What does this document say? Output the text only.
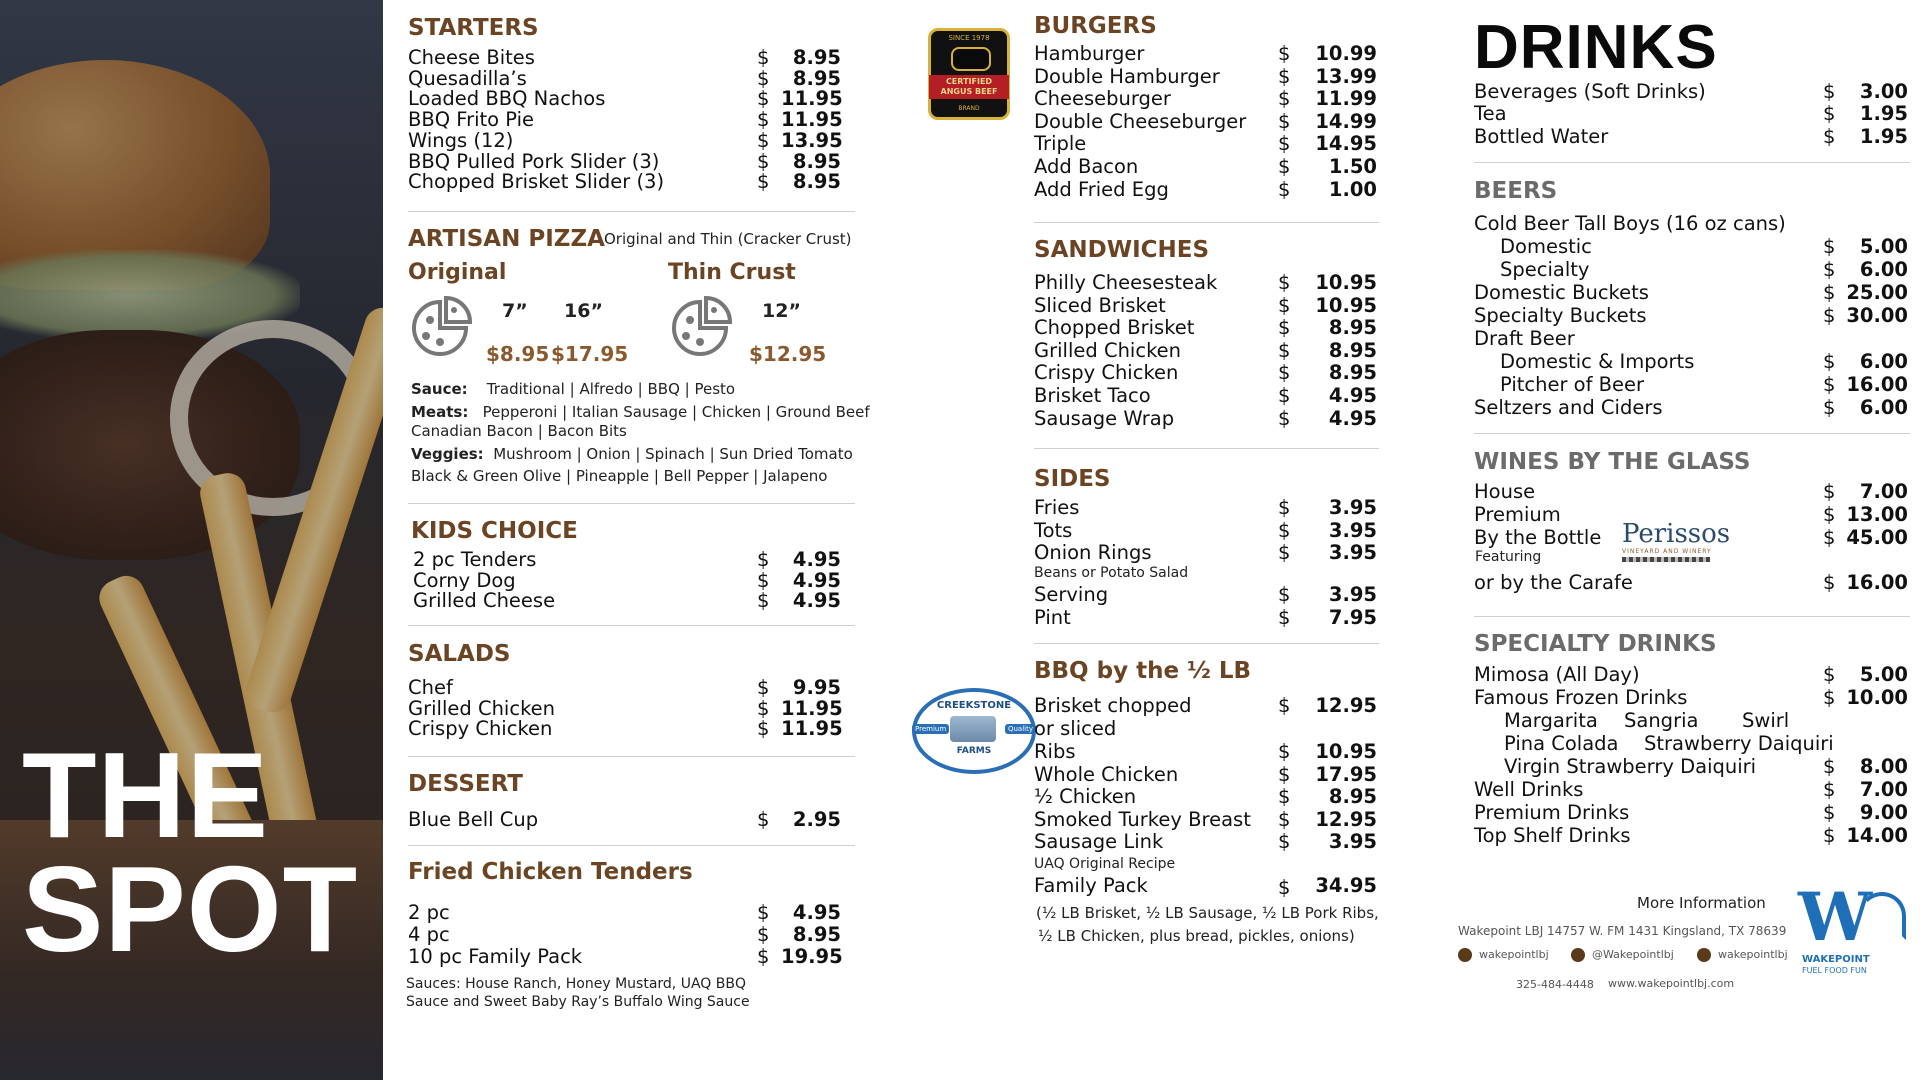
THE
SPOT
STARTERS
Cheese Bites	$	8.95
Quesadilla’s	$	8.95
Loaded BBQ Nachos	$ 11.95
BBQ Frito Pie	$ 11.95
Wings (12)	$ 13.95
BBQ Pulled Pork Slider (3)	$	8.95
Chopped Brisket Slider (3)	$	8.95
ARTISAN PIZZA Original and Thin (Cracker Crust)
Original	Thin Crust
7” 16”	12”
$8.95 $17.95	$12.95
Sauce: Traditional | Alfredo | BBQ | Pesto
Meats: Pepperoni | Italian Sausage | Chicken | Ground Beef
Canadian Bacon | Bacon Bits
Veggies: Mushroom | Onion | Spinach | Sun Dried Tomato
Black & Green Olive | Pineapple | Bell Pepper | Jalapeno
KIDS CHOICE
2 pc Tenders	$	4.95
Corny Dog	$	4.95
Grilled Cheese	$	4.95
SALADS
Chef	$	9.95
Grilled Chicken	$ 11.95
Crispy Chicken	$ 11.95
DESSERT
Blue Bell Cup	$	2.95
Fried Chicken Tenders
2 pc	$	4.95
4 pc	$	8.95
10 pc Family Pack	$ 19.95
Sauces: House Ranch, Honey Mustard, UAQ BBQ
Sauce and Sweet Baby Ray’s Buffalo Wing Sauce
SINCE 1978
CERTIFIED ANGUS BEEF
BRAND
BURGERS
Hamburger	$ 10.99
Double Hamburger	$ 13.99
Cheeseburger	$ 11.99
Double Cheeseburger $ 14.99
Triple	$ 14.95
Add Bacon	$	1.50
Add Fried Egg	$	1.00
SANDWICHES
Philly Cheesesteak	$ 10.95
Sliced Brisket	$ 10.95
Chopped Brisket	$	8.95
Grilled Chicken	$	8.95
Crispy Chicken	$	8.95
Brisket Taco	$	4.95
Sausage Wrap	$	4.95
SIDES
Fries	$	3.95
Tots	$	3.95
Onion Rings	$	3.95
Beans or Potato Salad
Serving	$	3.95
Pint	$	7.95
CREEKSTONE
Premium	Quality
FARMS
BBQ by the ½ LB
Brisket chopped	$ 12.95
or sliced
Ribs	$ 10.95
Whole Chicken	$ 17.95
½ Chicken	$	8.95
Smoked Turkey Breast $ 12.95
Sausage Link	$	3.95
UAQ Original Recipe
Family Pack	$ 34.95
(½ LB Brisket, ½ LB Sausage, ½ LB Pork Ribs,
½ LB Chicken, plus bread, pickles, onions)
DRINKS
Beverages (Soft Drinks)	$	3.00
Tea	$	1.95
Bottled Water	$	1.95
BEERS
Cold Beer Tall Boys (16 oz cans)
Domestic	$	5.00
Specialty	$	6.00
Domestic Buckets	$ 25.00
Specialty Buckets	$ 30.00
Draft Beer
Domestic & Imports	$	6.00
Pitcher of Beer	$ 16.00
Seltzers and Ciders	$	6.00
WINES BY THE GLASS
House	$	7.00
Premium	$ 13.00
By the Bottle	$ 45.00
or by the Carafe	$ 16.00
Featuring
Perissos
VINEYARD AND WINERY
SPECIALTY DRINKS
Mimosa (All Day)	$	5.00
Famous Frozen Drinks	$ 10.00
Margarita Sangria Swirl
Pina Colada Strawberry Daiquiri
Virgin Strawberry Daiquiri	$	8.00
Well Drinks	$	7.00
Premium Drinks	$	9.00
Top Shelf Drinks	$ 14.00
More Information
Wakepoint LBJ 14757 W. FM 1431 Kingsland, TX 78639
wakepointlbj	@Wakepointlbj	wakepointlbj
325-484-4448 www.wakepointlbj.com
W
WAKEPOINT
FUEL FOOD FUN
